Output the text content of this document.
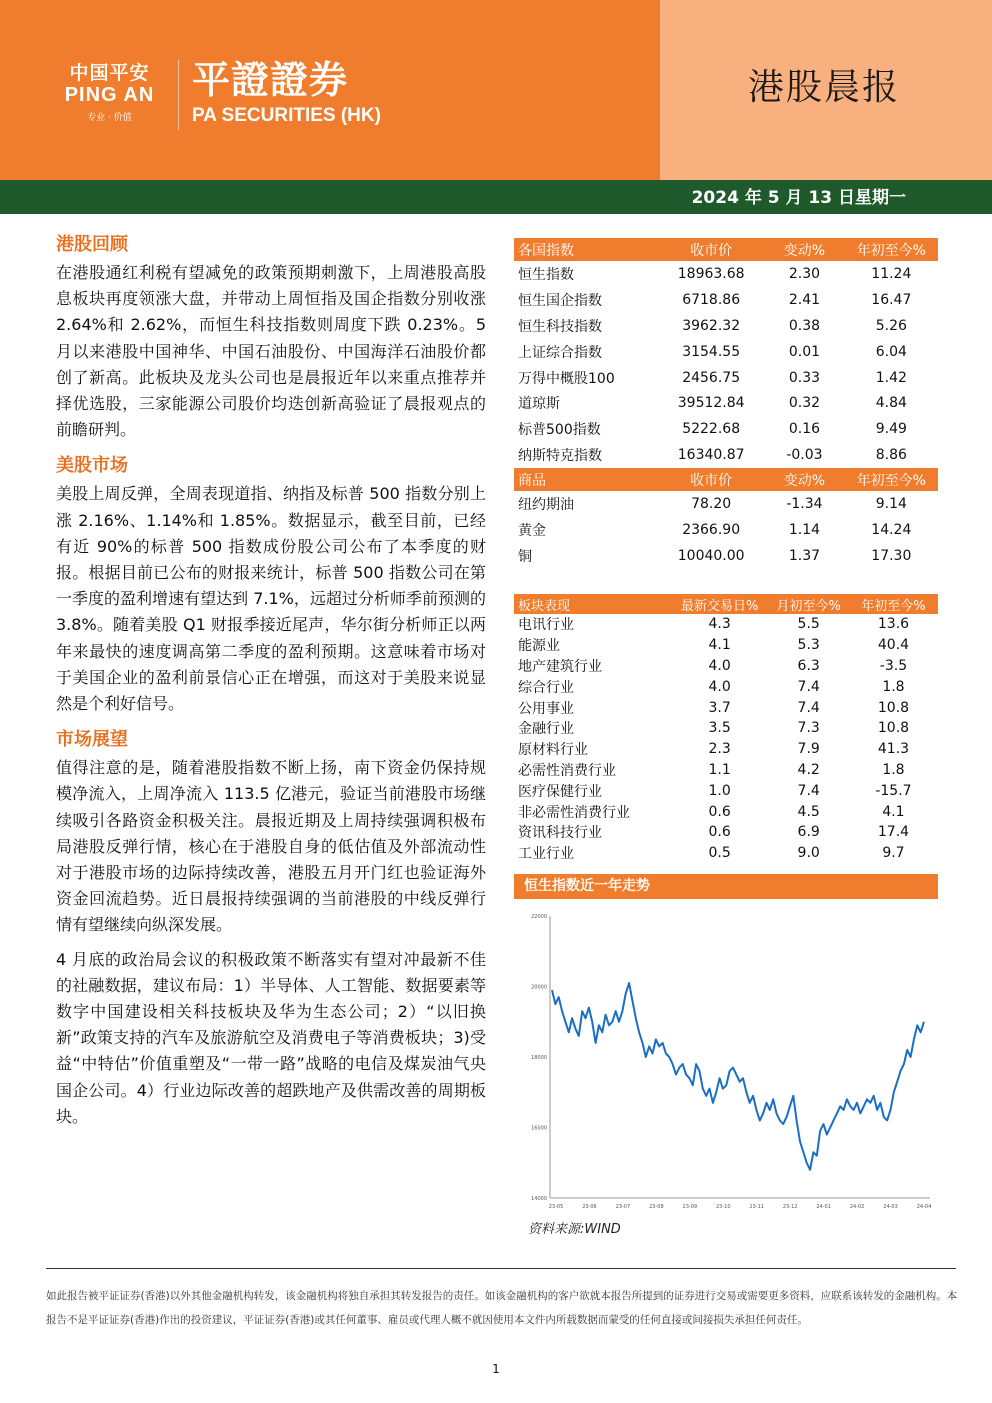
中国平安
PING AN
专业 · 价值
平證證券
PA SECURITIES (HK)
港股晨报
2024 年 5 月 13 日星期一
港股回顾

在港股通红利税有望减免的政策预期刺激下，上周港股高股息板块再度领涨大盘，并带动上周恒指及国企指数分别收涨 2.64%和 2.62%，而恒生科技指数则周度下跌 0.23%。5 月以来港股中国神华、中国石油股份、中国海洋石油股价都创了新高。此板块及龙头公司也是晨报近年以来重点推荐并择优选股，三家能源公司股价均迭创新高验证了晨报观点的前瞻研判。

美股市场

美股上周反弹，全周表现道指、纳指及标普 500 指数分别上涨 2.16%、1.14%和 1.85%。数据显示，截至目前，已经有近 90%的标普 500 指数成份股公司公布了本季度的财报。根据目前已公布的财报来统计，标普 500 指数公司在第一季度的盈利增速有望达到 7.1%，远超过分析师季前预测的 3.8%。随着美股 Q1 财报季接近尾声，华尔街分析师正以两年来最快的速度调高第二季度的盈利预期。这意味着市场对于美国企业的盈利前景信心正在增强，而这对于美股来说显然是个利好信号。

市场展望

值得注意的是，随着港股指数不断上扬，南下资金仍保持规模净流入，上周净流入 113.5 亿港元，验证当前港股市场继续吸引各路资金积极关注。晨报近期及上周持续强调积极布局港股反弹行情，核心在于港股自身的低估值及外部流动性对于港股市场的边际持续改善，港股五月开门红也验证海外资金回流趋势。近日晨报持续强调的当前港股的中线反弹行情有望继续向纵深发展。

4 月底的政治局会议的积极政策不断落实有望对冲最新不佳的社融数据，建议布局：1）半导体、人工智能、数据要素等数字中国建设相关科技板块及华为生态公司；2）“以旧换新”政策支持的汽车及旅游航空及消费电子等消费板块；3)受益“中特估”价值重塑及“一带一路”战略的电信及煤炭油气央国企公司。4）行业边际改善的超跌地产及供需改善的周期板块。

各国指数	收市价	变动%	年初至今%
恒生指数	18963.68	2.30	11.24
恒生国企指数	6718.86	2.41	16.47
恒生科技指数	3962.32	0.38	5.26
上证综合指数	3154.55	0.01	6.04
万得中概股100	2456.75	0.33	1.42
道琼斯	39512.84	0.32	4.84
标普500指数	5222.68	0.16	9.49
纳斯特克指数	16340.87	-0.03	8.86
商品	收市价	变动%	年初至今%
纽约期油	78.20	-1.34	9.14
黄金	2366.90	1.14	14.24
铜	10040.00	1.37	17.30
板块表现	最新交易日%	月初至今%	年初至今%
电讯行业	4.3	5.5	13.6
能源业	4.1	5.3	40.4
地产建筑行业	4.0	6.3	-3.5
综合行业	4.0	7.4	1.8
公用事业	3.7	7.4	10.8
金融行业	3.5	7.3	10.8
原材料行业	2.3	7.9	41.3
必需性消费行业	1.1	4.2	1.8
医疗保健行业	1.0	7.4	-15.7
非必需性消费行业	0.6	4.5	4.1
资讯科技行业	0.6	6.9	17.4
工业行业	0.5	9.0	9.7
恒生指数近一年走势
14000
16000
18000
20000
22000
23-05	23-06	23-07	23-08	23-09	23-10	23-11	23-12	24-01	24-02	24-03	24-04
资料来源:WIND
如此报告被平证证券(香港)以外其他金融机构转发，该金融机构将独自承担其转发报告的责任。如该金融机构的客户欲就本报告所提到的证券进行交易或需要更多资料，应联系该转发的金融机构。本报告不是平证证券(香港)作出的投资建议，平证证券(香港)或其任何董事、雇员或代理人概不就因使用本文件内所载数据而蒙受的任何直接或间接损失承担任何责任。
1
